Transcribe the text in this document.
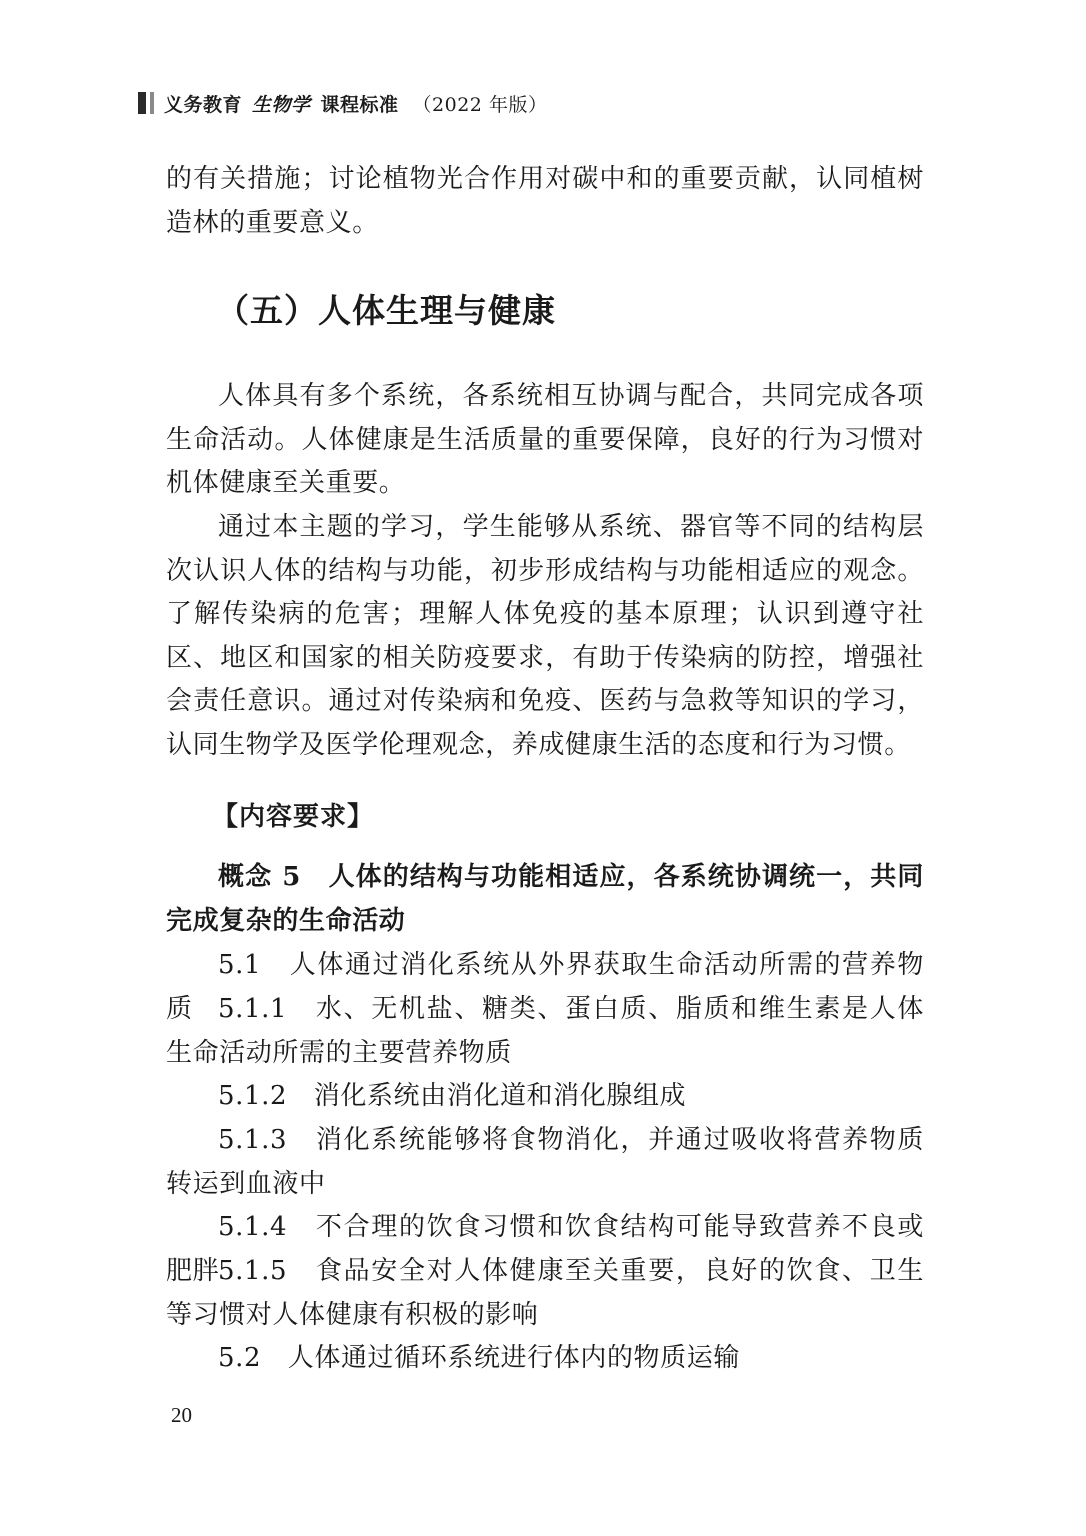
义务教育 生物学 课程标准 （2022 年版）

的有关措施；讨论植物光合作用对碳中和的重要贡献，认同植树造林的重要意义。

（五）人体生理与健康

人体具有多个系统，各系统相互协调与配合，共同完成各项生命活动。人体健康是生活质量的重要保障，良好的行为习惯对机体健康至关重要。

通过本主题的学习，学生能够从系统、器官等不同的结构层次认识人体的结构与功能，初步形成结构与功能相适应的观念。了解传染病的危害；理解人体免疫的基本原理；认识到遵守社区、地区和国家的相关防疫要求，有助于传染病的防控，增强社会责任意识。通过对传染病和免疫、医药与急救等知识的学习，认同生物学及医学伦理观念，养成健康生活的态度和行为习惯。

【内容要求】

概念 5　人体的结构与功能相适应，各系统协调统一，共同完成复杂的生命活动

5.1　人体通过消化系统从外界获取生命活动所需的营养物质 5.1.1　水、无机盐、糖类、蛋白质、脂质和维生素是人体生命活动所需的主要营养物质

5.1.2　消化系统由消化道和消化腺组成

5.1.3　消化系统能够将食物消化，并通过吸收将营养物质转运到血液中

5.1.4　不合理的饮食习惯和饮食结构可能导致营养不良或肥胖

5.1.5　食品安全对人体健康至关重要，良好的饮食、卫生等习惯对人体健康有积极的影响

5.2　人体通过循环系统进行体内的物质运输

20
